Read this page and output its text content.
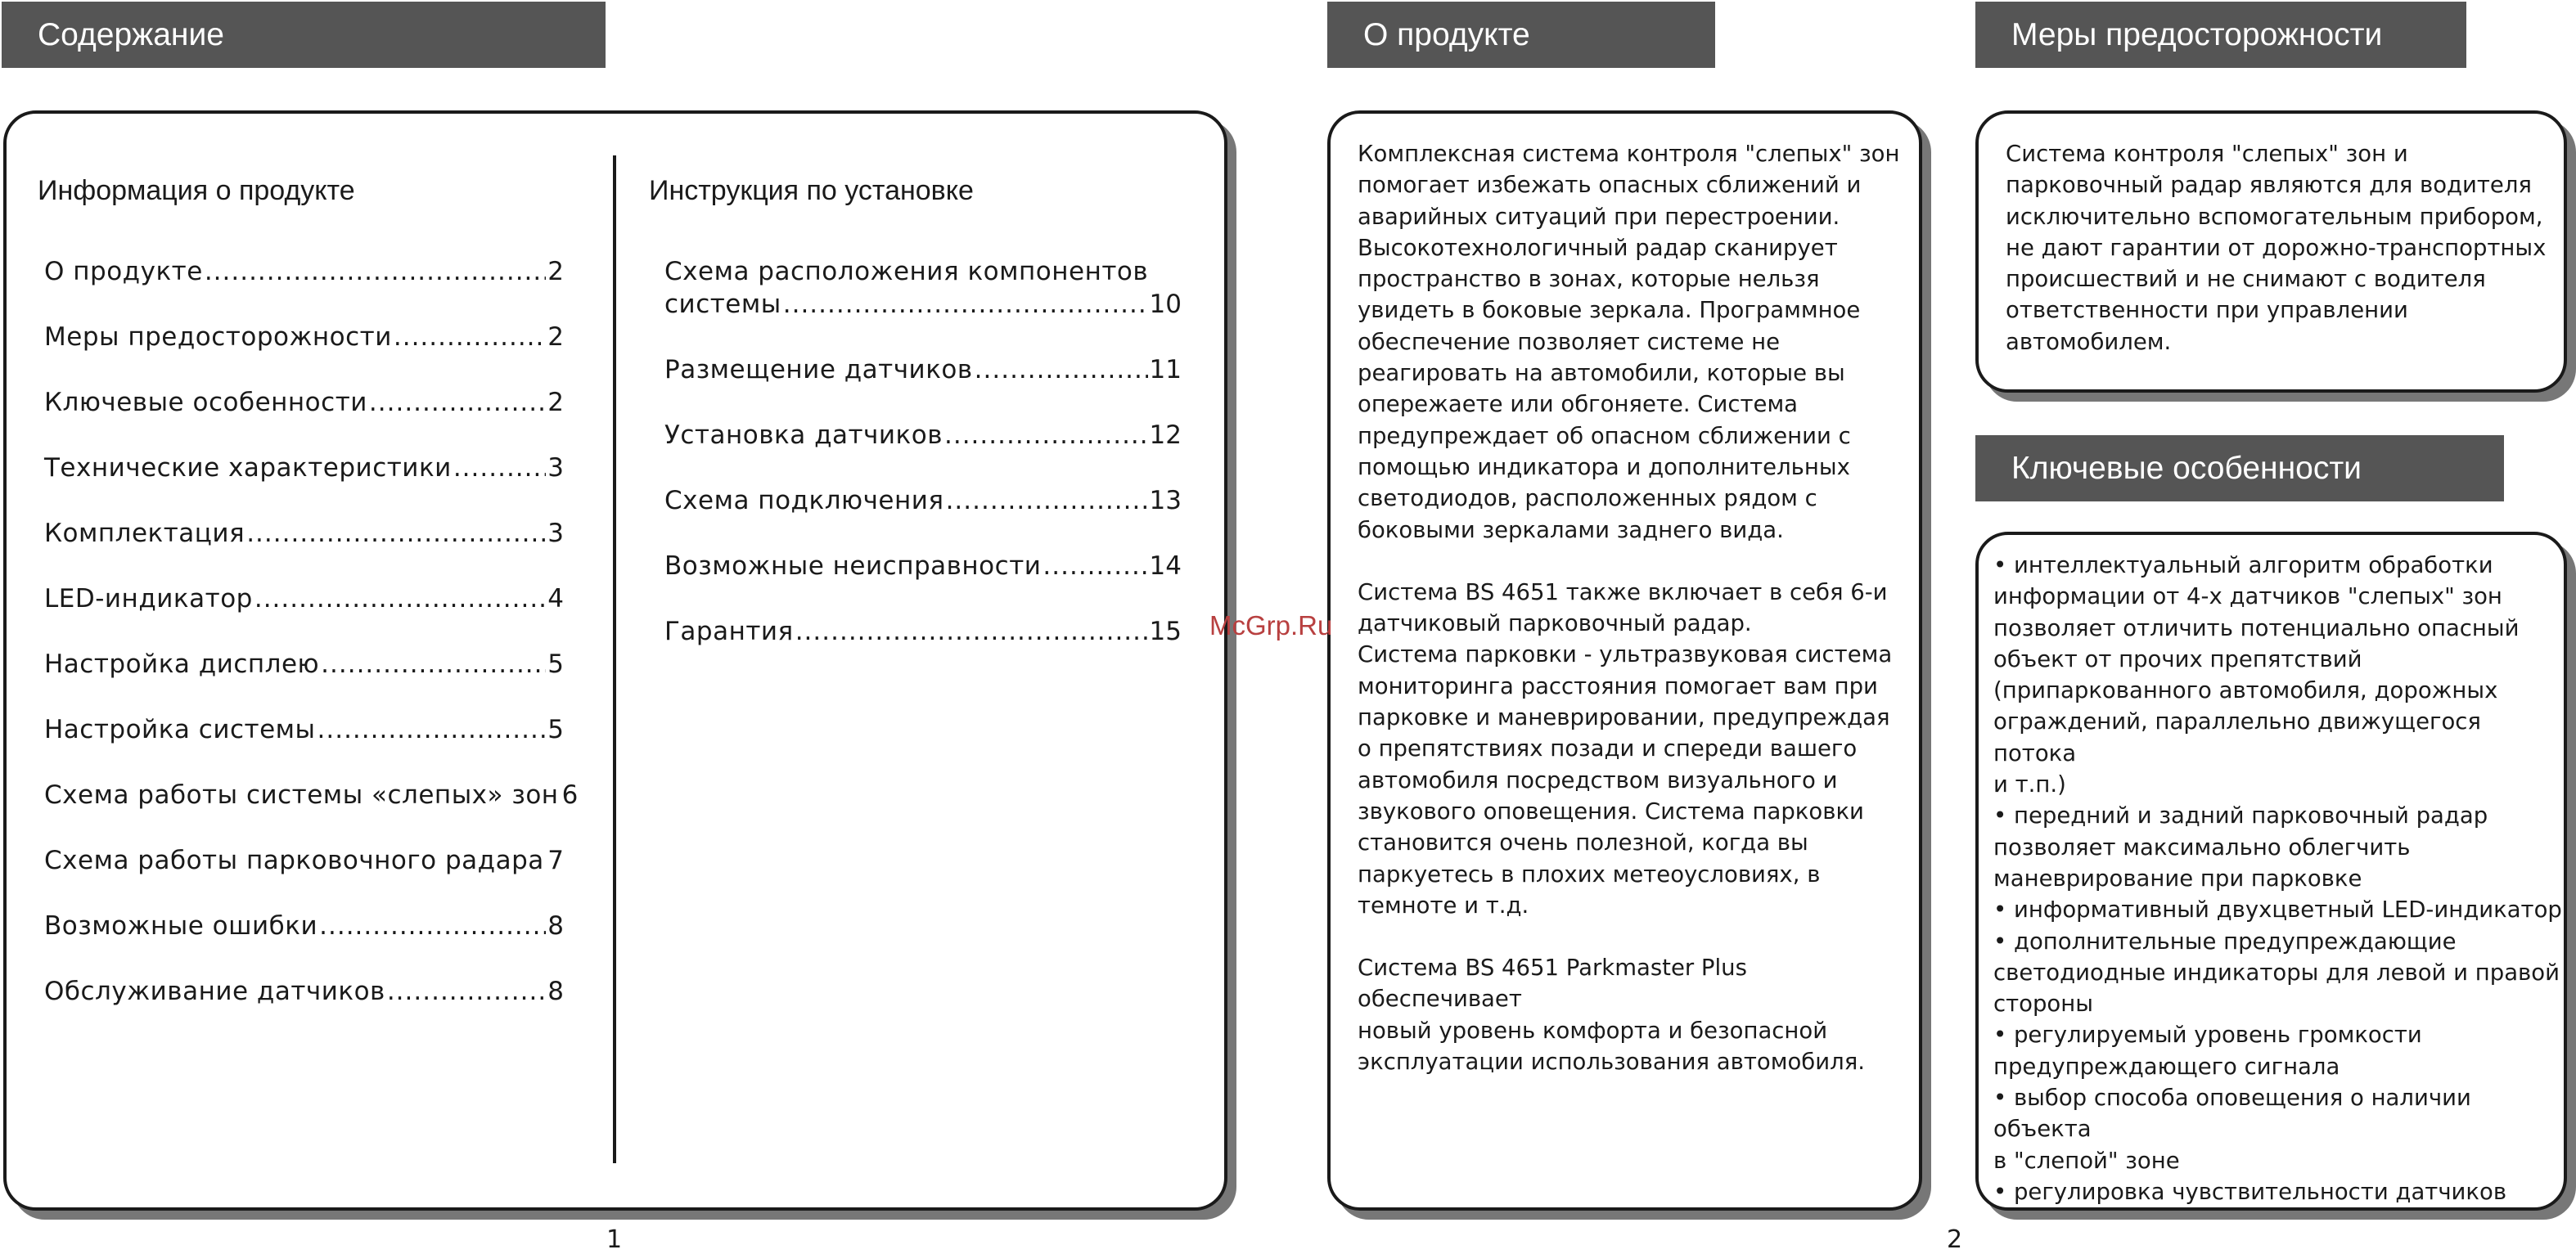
Содержание	О продукте	Меры предосторожности
Ключевые особенности
Информация о продукте	Инструкция по установке
О продукте .....	2
Меры предосторожности .....	2
Ключевые особенности .....	2
Технические характеристики .....	3
Комплектация .....	3
LED-индикатор .....	4
Настройка дисплею .....	5
Настройка системы .....	5
Схема работы системы «слепых» зон 6
Схема работы парковочного радара ..... 7
Возможные ошибки .....	8
Обслуживание датчиков .....	8
Схема расположения компонентов
системы .....	10
Размещение датчиков .....	11
Установка датчиков .....	12
Схема подключения .....	13
Возможные неисправности .....	14
Гарантия .....	15

Комплексная система контроля "слепых" зон
помогает избежать опасных сближений и
аварийных ситуаций при перестроении.
Высокотехнологичный радар сканирует
пространство в зонах, которые нельзя
увидеть в боковые зеркала. Программное
обеспечение позволяет системе не
реагировать на автомобили, которые вы
опережаете или обгоняете. Система
предупреждает об опасном сближении с
помощью индикатора и дополнительных
светодиодов, расположенных рядом с
боковыми зеркалами заднего вида.

Система BS 4651 также включает в себя 6-и
датчиковый парковочный радар.
Система парковки - ультразвуковая система
мониторинга расстояния помогает вам при
парковке и маневрировании, предупреждая
о препятствиях позади и спереди вашего
автомобиля посредством визуального и
звукового оповещения. Система парковки
становится очень полезной, когда вы
паркуетесь в плохих метеоусловиях, в
темноте и т.д.

Система BS 4651 Parkmaster Plus обеспечивает
новый уровень комфорта и безопасной
эксплуатации использования автомобиля.

Система контроля "слепых" зон и
парковочный радар являются для водителя
исключительно вспомогательным прибором,
не дают гарантии от дорожно-транспортных
происшествий и не снимают с водителя
ответственности при управлении
автомобилем.
• интеллектуальный алгоритм обработки
информации от 4-х датчиков "слепых" зон
позволяет отличить потенциально опасный
объект от прочих препятствий
(припаркованного автомобиля, дорожных
ограждений, параллельно движущегося потока
и т.п.)
• передний и задний парковочный радар
позволяет максимально облегчить
маневрирование при парковке
• информативный двухцветный LED-индикатор
• дополнительные предупреждающие
светодиодные индикаторы для левой и правой
стороны
• регулируемый уровень громкости
предупреждающего сигнала
• выбор способа оповещения о наличии объекта
в "слепой" зоне
• регулировка чувствительности датчиков
McGrp.Ru
1	2
